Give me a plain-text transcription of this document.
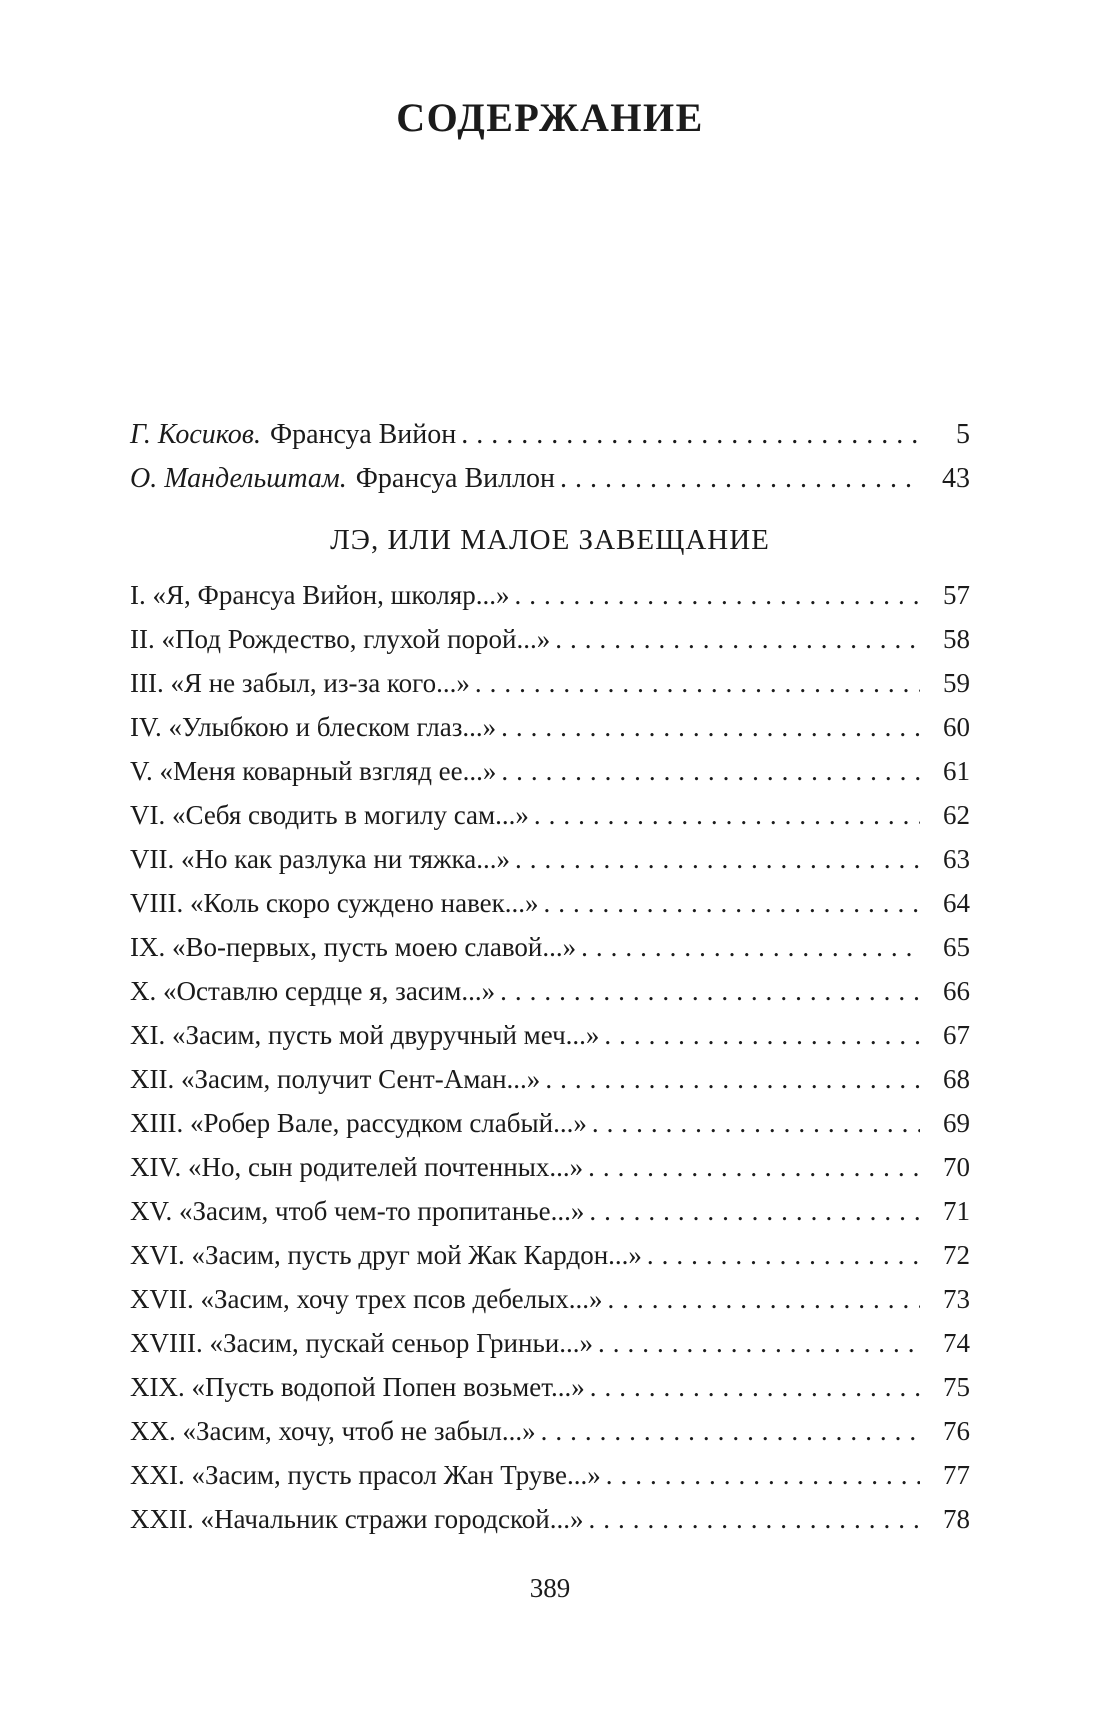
СОДЕРЖАНИЕ
Г. Косиков. Франсуа Вийон .....	5
О. Мандельштам. Франсуа Виллон .....	43
ЛЭ, ИЛИ МАЛОЕ ЗАВЕЩАНИЕ
I. «Я, Франсуа Вийон, школяр...» .....	57
II. «Под Рождество, глухой порой...» .....	58
III. «Я не забыл, из-за кого...» .....	59
IV. «Улыбкою и блеском глаз...» .....	60
V. «Меня коварный взгляд ее...» .....	61
VI. «Себя сводить в могилу сам...» .....	62
VII. «Но как разлука ни тяжка...» .....	63
VIII. «Коль скоро суждено навек...» .....	64
IX. «Во-первых, пусть моею славой...» .....	65
X. «Оставлю сердце я, засим...» .....	66
XI. «Засим, пусть мой двуручный меч...» .....	67
XII. «Засим, получит Сент-Аман...» .....	68
XIII. «Робер Вале, рассудком слабый...» .....	69
XIV. «Но, сын родителей почтенных...» .....	70
XV. «Засим, чтоб чем-то пропитанье...» .....	71
XVI. «Засим, пусть друг мой Жак Кардон...» .....	72
XVII. «Засим, хочу трех псов дебелых...» .....	73
XVIII. «Засим, пускай сеньор Гриньи...» .....	74
XIX. «Пусть водопой Попен возьмет...» .....	75
XX. «Засим, хочу, чтоб не забыл...» .....	76
XXI. «Засим, пусть прасол Жан Труве...» .....	77
XXII. «Начальник стражи городской...» .....	78
389
